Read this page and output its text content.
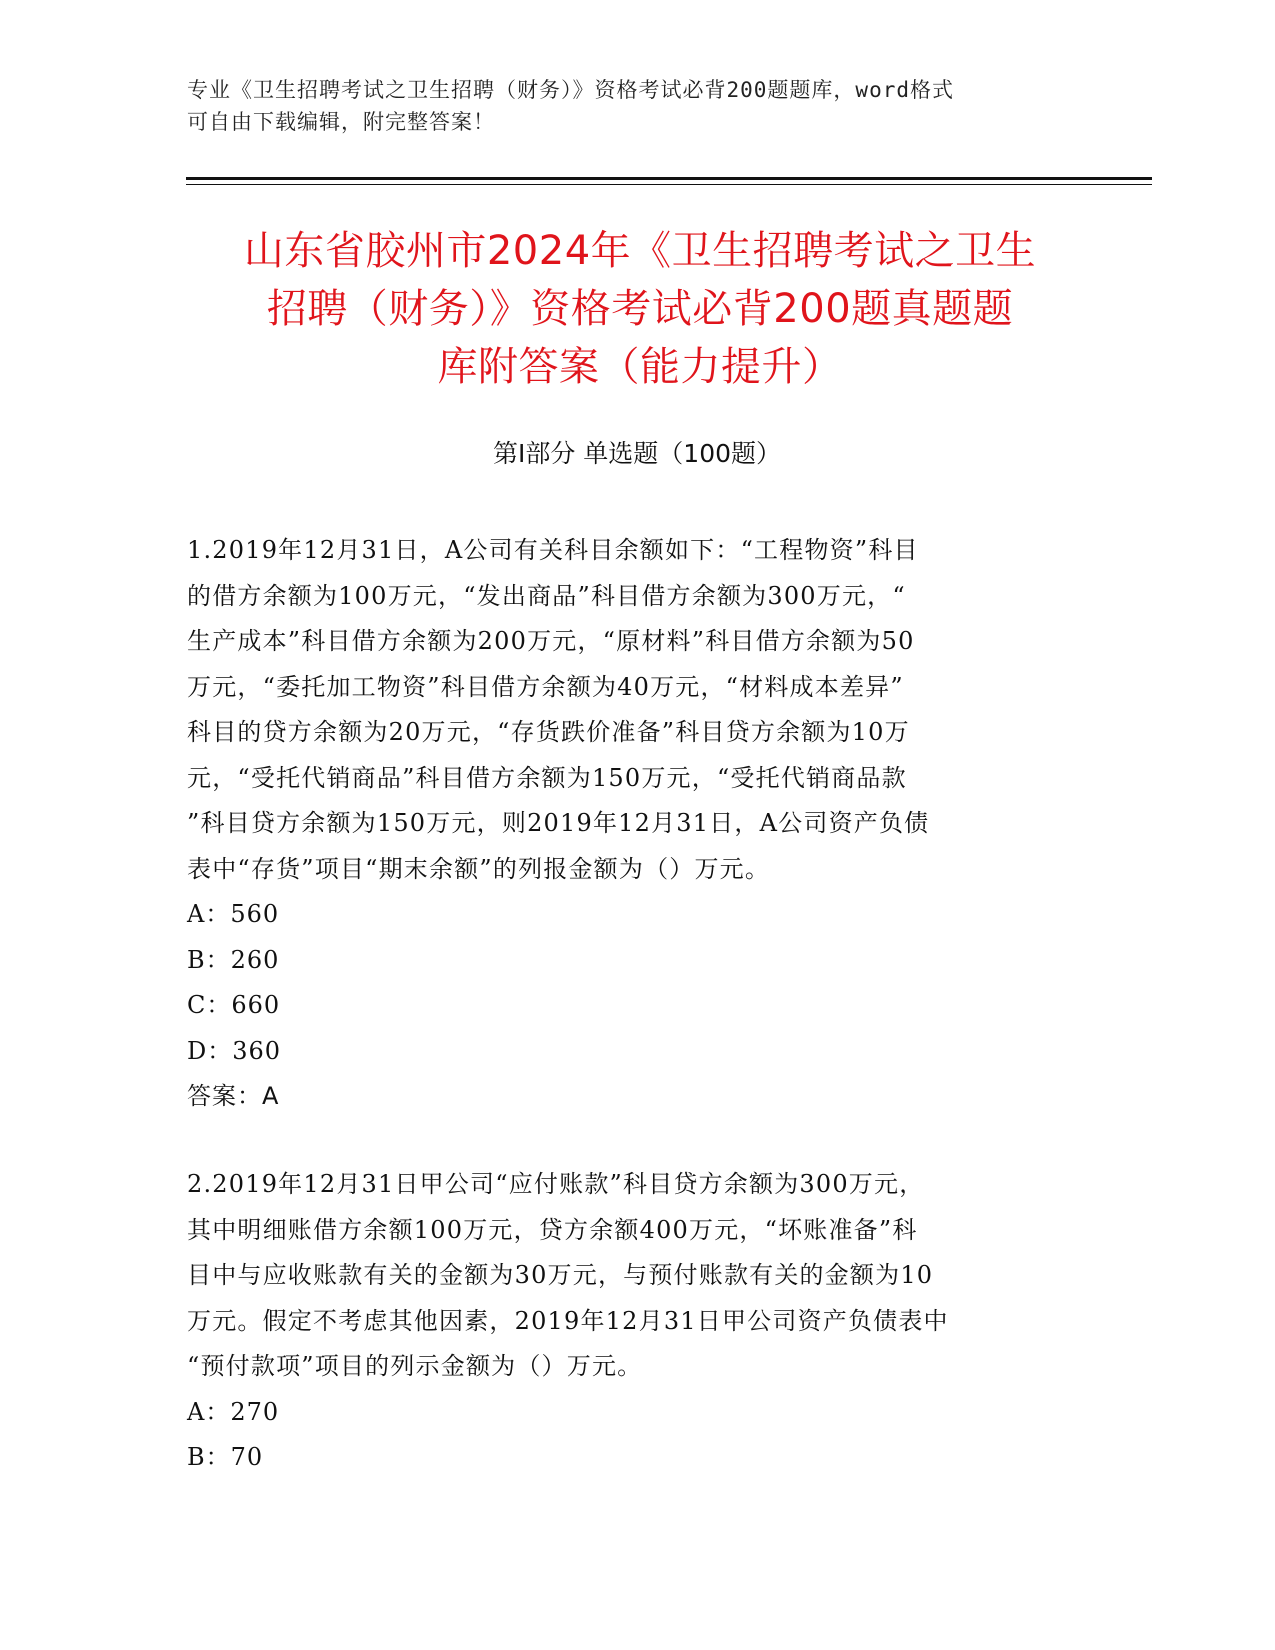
专业《卫生招聘考试之卫生招聘（财务）》资格考试必背200题题库，word格式
可自由下载编辑，附完整答案！
山东省胶州市2024年《卫生招聘考试之卫生
招聘（财务）》资格考试必背200题真题题
库附答案（能力提升）
第Ⅰ部分 单选题（100题）

1.2019年12月31日，A公司有关科目余额如下：“工程物资”科目

的借方余额为100万元，“发出商品”科目借方余额为300万元，“

生产成本”科目借方余额为200万元，“原材料”科目借方余额为50

万元，“委托加工物资”科目借方余额为40万元，“材料成本差异”

科目的贷方余额为20万元，“存货跌价准备”科目贷方余额为10万

元，“受托代销商品”科目借方余额为150万元，“受托代销商品款

”科目贷方余额为150万元，则2019年12月31日，A公司资产负债

表中“存货”项目“期末余额”的列报金额为（）万元。

A：560

B：260

C：660

D：360

答案：A

2.2019年12月31日甲公司“应付账款”科目贷方余额为300万元，

其中明细账借方余额100万元，贷方余额400万元，“坏账准备”科

目中与应收账款有关的金额为30万元，与预付账款有关的金额为10

万元。假定不考虑其他因素，2019年12月31日甲公司资产负债表中

“预付款项”项目的列示金额为（）万元。

A：270

B：70
